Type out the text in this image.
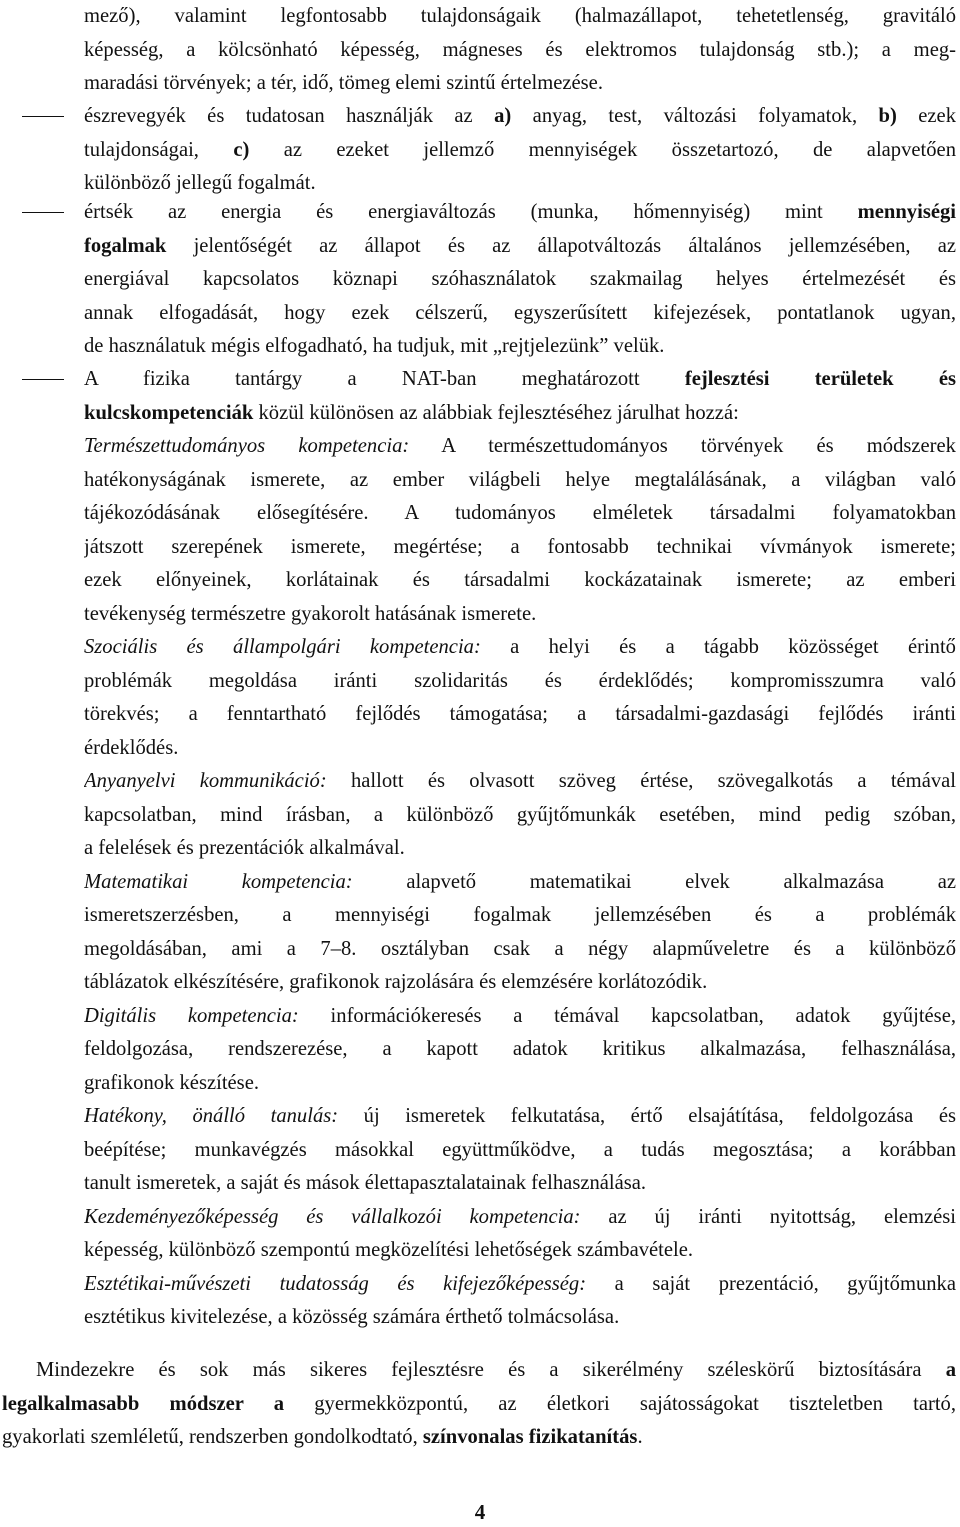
mező), valamint legfontosabb tulajdonságaik (halmazállapot, tehetetlenség, gravitáló
képesség, a kölcsönható képesség, mágneses és elektromos tulajdonság stb.); a meg-
maradási törvények; a tér, idő, tömeg elemi szintű értelmezése.
észrevegyék és tudatosan használják az a) anyag, test, változási folyamatok, b) ezek
tulajdonságai, c) az ezeket jellemző mennyiségek összetartozó, de alapvetően
különböző jellegű fogalmát.
értsék az energia és energiaváltozás (munka, hőmennyiség) mint mennyiségi
fogalmak jelentőségét az állapot és az állapotváltozás általános jellemzésében, az
energiával kapcsolatos köznapi szóhasználatok szakmailag helyes értelmezését és
annak elfogadását, hogy ezek célszerű, egyszerűsített kifejezések, pontatlanok ugyan,
de használatuk mégis elfogadható, ha tudjuk, mit „rejtjelezünk” velük.
A fizika tantárgy a NAT-ban meghatározott fejlesztési területek és
kulcskompetenciák közül különösen az alábbiak fejlesztéséhez járulhat hozzá:
Természettudományos kompetencia: A természettudományos törvények és módszerek
hatékonyságának ismerete, az ember világbeli helye megtalálásának, a világban való
tájékozódásának elősegítésére. A tudományos elméletek társadalmi folyamatokban
játszott szerepének ismerete, megértése; a fontosabb technikai vívmányok ismerete;
ezek előnyeinek, korlátainak és társadalmi kockázatainak ismerete; az emberi
tevékenység természetre gyakorolt hatásának ismerete.
Szociális és állampolgári kompetencia: a helyi és a tágabb közösséget érintő
problémák megoldása iránti szolidaritás és érdeklődés; kompromisszumra való
törekvés; a fenntartható fejlődés támogatása; a társadalmi-gazdasági fejlődés iránti
érdeklődés.
Anyanyelvi kommunikáció: hallott és olvasott szöveg értése, szövegalkotás a témával
kapcsolatban, mind írásban, a különböző gyűjtőmunkák esetében, mind pedig szóban,
a felelések és prezentációk alkalmával.
Matematikai kompetencia: alapvető matematikai elvek alkalmazása az
ismeretszerzésben, a mennyiségi fogalmak jellemzésében és a problémák
megoldásában, ami a 7–8. osztályban csak a négy alapműveletre és a különböző
táblázatok elkészítésére, grafikonok rajzolására és elemzésére korlátozódik.
Digitális kompetencia: információkeresés a témával kapcsolatban, adatok gyűjtése,
feldolgozása, rendszerezése, a kapott adatok kritikus alkalmazása, felhasználása,
grafikonok készítése.
Hatékony, önálló tanulás: új ismeretek felkutatása, értő elsajátítása, feldolgozása és
beépítése; munkavégzés másokkal együttműködve, a tudás megosztása; a korábban
tanult ismeretek, a saját és mások élettapasztalatainak felhasználása.
Kezdeményezőképesség és vállalkozói kompetencia: az új iránti nyitottság, elemzési
képesség, különböző szempontú megközelítési lehetőségek számbavétele.
Esztétikai-művészeti tudatosság és kifejezőképesség: a saját prezentáció, gyűjtőmunka
esztétikus kivitelezése, a közösség számára érthető tolmácsolása.
Mindezekre és sok más sikeres fejlesztésre és a sikerélmény széleskörű biztosítására a
legalkalmasabb módszer a gyermekközpontú, az életkori sajátosságokat tiszteletben tartó,
gyakorlati szemléletű, rendszerben gondolkodtató, színvonalas fizikatanítás.
4
